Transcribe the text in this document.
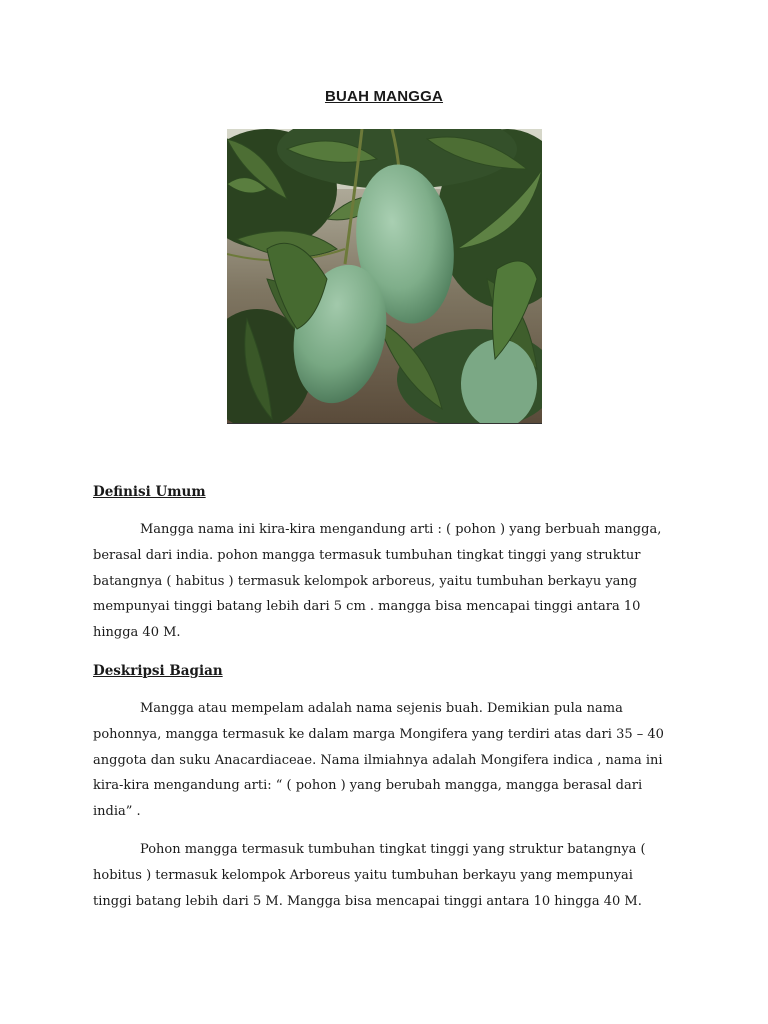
BUAH MANGGA
Definisi Umum

Mangga nama ini kira-kira mengandung arti : ( pohon ) yang berbuah mangga,
berasal dari india. pohon mangga termasuk tumbuhan tingkat tinggi yang struktur
batangnya ( habitus ) termasuk kelompok arboreus, yaitu tumbuhan berkayu yang
mempunyai tinggi batang lebih dari 5 cm . mangga bisa mencapai tinggi antara 10
hingga 40 M.

Deskripsi Bagian

Mangga atau mempelam adalah nama sejenis buah. Demikian pula nama
pohonnya, mangga termasuk ke dalam marga Mongifera yang terdiri atas dari 35 – 40
anggota dan suku Anacardiaceae. Nama ilmiahnya adalah Mongifera indica , nama ini
kira-kira mengandung arti: “ ( pohon ) yang berubah mangga, mangga berasal dari
india” .

Pohon mangga termasuk tumbuhan tingkat tinggi yang struktur batangnya (
hobitus ) termasuk kelompok Arboreus yaitu tumbuhan berkayu yang mempunyai
tinggi batang lebih dari 5 M. Mangga bisa mencapai tinggi antara 10 hingga 40 M.
